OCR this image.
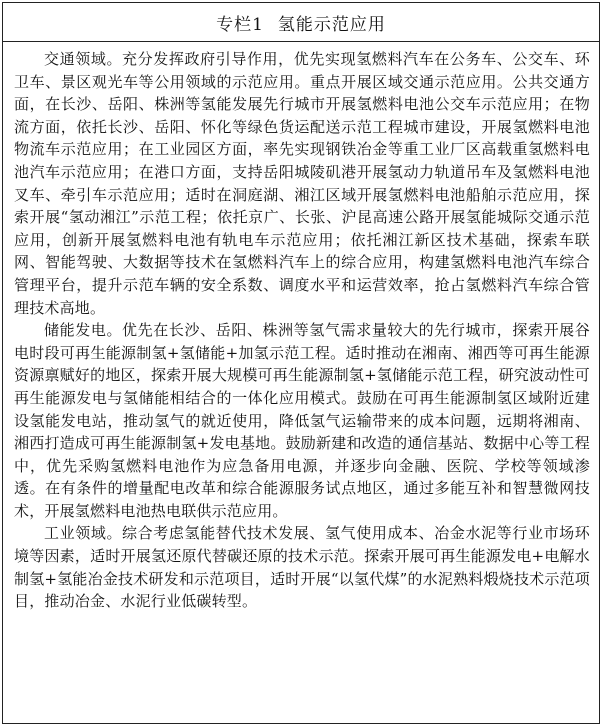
专栏1 氢能示范应用

交通领域。充分发挥政府引导作用，优先实现氢燃料汽车在公务车、公交车、环卫车、景区观光车等公用领域的示范应用。重点开展区域交通示范应用。公共交通方面，在长沙、岳阳、株洲等氢能发展先行城市开展氢燃料电池公交车示范应用；在物流方面，依托长沙、岳阳、怀化等绿色货运配送示范工程城市建设，开展氢燃料电池物流车示范应用；在工业园区方面，率先实现钢铁冶金等重工业厂区高载重氢燃料电池汽车示范应用；在港口方面，支持岳阳城陵矶港开展氢动力轨道吊车及氢燃料电池叉车、牵引车示范应用；适时在洞庭湖、湘江区域开展氢燃料电池船舶示范应用，探索开展“氢动湘江”示范工程；依托京广、长张、沪昆高速公路开展氢能城际交通示范应用，创新开展氢燃料电池有轨电车示范应用；依托湘江新区技术基础，探索车联网、智能驾驶、大数据等技术在氢燃料汽车上的综合应用，构建氢燃料电池汽车综合管理平台，提升示范车辆的安全系数、调度水平和运营效率，抢占氢燃料汽车综合管理技术高地。

储能发电。优先在长沙、岳阳、株洲等氢气需求量较大的先行城市，探索开展谷电时段可再生能源制氢+氢储能+加氢示范工程。适时推动在湘南、湘西等可再生能源资源禀赋好的地区，探索开展大规模可再生能源制氢+氢储能示范工程，研究波动性可再生能源发电与氢储能相结合的一体化应用模式。鼓励在可再生能源制氢区域附近建设氢能发电站，推动氢气的就近使用，降低氢气运输带来的成本问题，远期将湘南、湘西打造成可再生能源制氢+发电基地。鼓励新建和改造的通信基站、数据中心等工程中，优先采购氢燃料电池作为应急备用电源，并逐步向金融、医院、学校等领域渗透。在有条件的增量配电改革和综合能源服务试点地区，通过多能互补和智慧微网技术，开展氢燃料电池热电联供示范应用。

工业领域。综合考虑氢能替代技术发展、氢气使用成本、冶金水泥等行业市场环境等因素，适时开展氢还原代替碳还原的技术示范。探索开展可再生能源发电+电解水制氢+氢能冶金技术研发和示范项目，适时开展“以氢代煤”的水泥熟料煅烧技术示范项目，推动冶金、水泥行业低碳转型。
